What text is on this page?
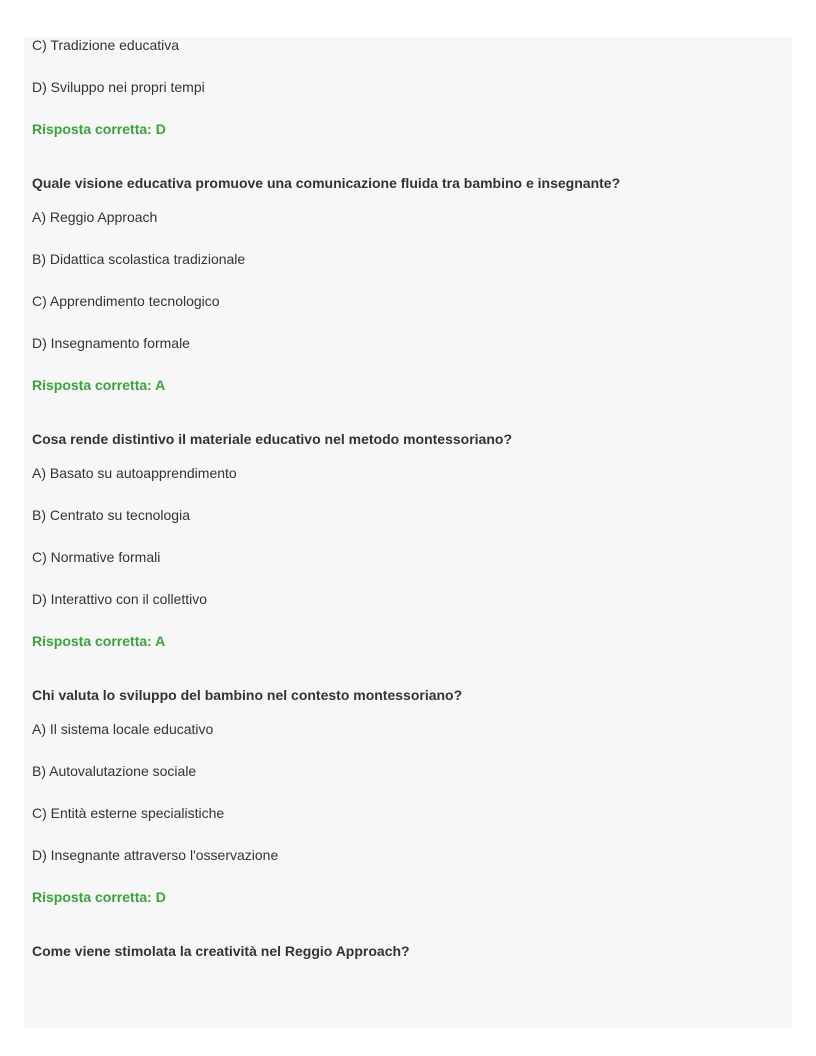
C) Tradizione educativa
D) Sviluppo nei propri tempi
Risposta corretta: D
Quale visione educativa promuove una comunicazione fluida tra bambino e insegnante?
A) Reggio Approach
B) Didattica scolastica tradizionale
C) Apprendimento tecnologico
D) Insegnamento formale
Risposta corretta: A
Cosa rende distintivo il materiale educativo nel metodo montessoriano?
A) Basato su autoapprendimento
B) Centrato su tecnologia
C) Normative formali
D) Interattivo con il collettivo
Risposta corretta: A
Chi valuta lo sviluppo del bambino nel contesto montessoriano?
A) Il sistema locale educativo
B) Autovalutazione sociale
C) Entità esterne specialistiche
D) Insegnante attraverso l'osservazione
Risposta corretta: D
Come viene stimolata la creatività nel Reggio Approach?
